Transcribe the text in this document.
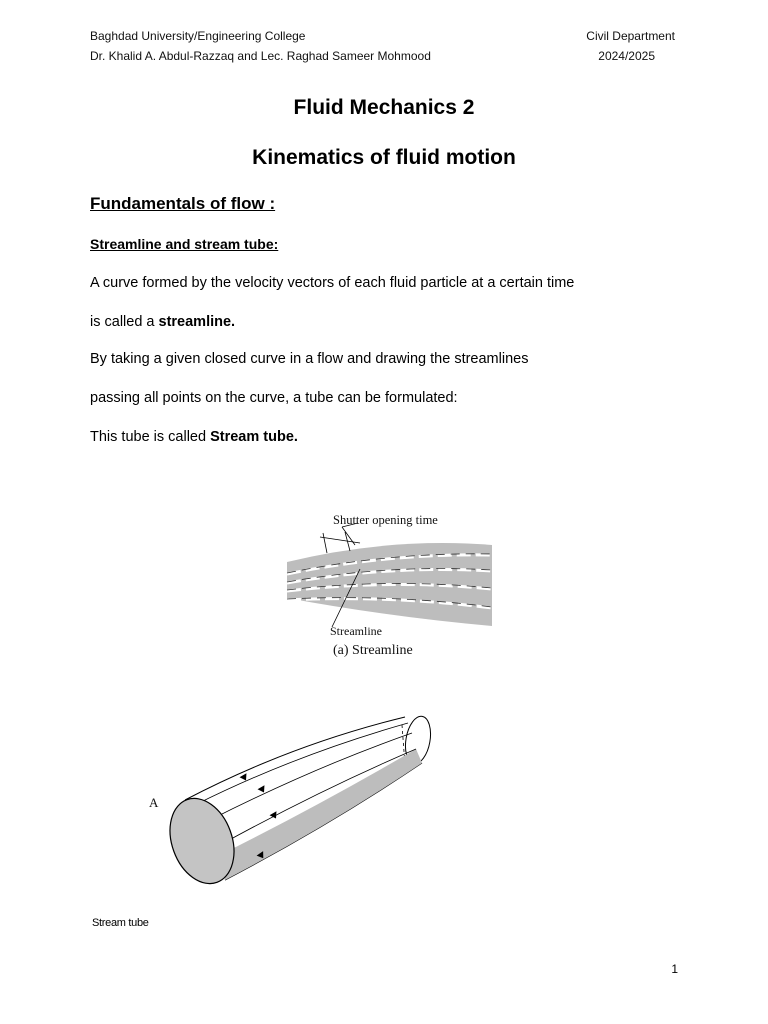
Baghdad University/Engineering College
Dr. Khalid A. Abdul-Razzaq and Lec. Raghad Sameer Mohmood
Civil Department
2024/2025
Fluid Mechanics 2
Kinematics of fluid motion
Fundamentals of flow :
Streamline and stream tube:
A curve formed by the velocity vectors of each fluid particle at a certain time
is called a streamline.
By taking a given closed curve in a flow and drawing the streamlines
passing all points on the curve, a tube can be formulated:
This tube is called Stream tube.
Shutter opening time
Streamline
(a) Streamline
A
Stream tube
1
